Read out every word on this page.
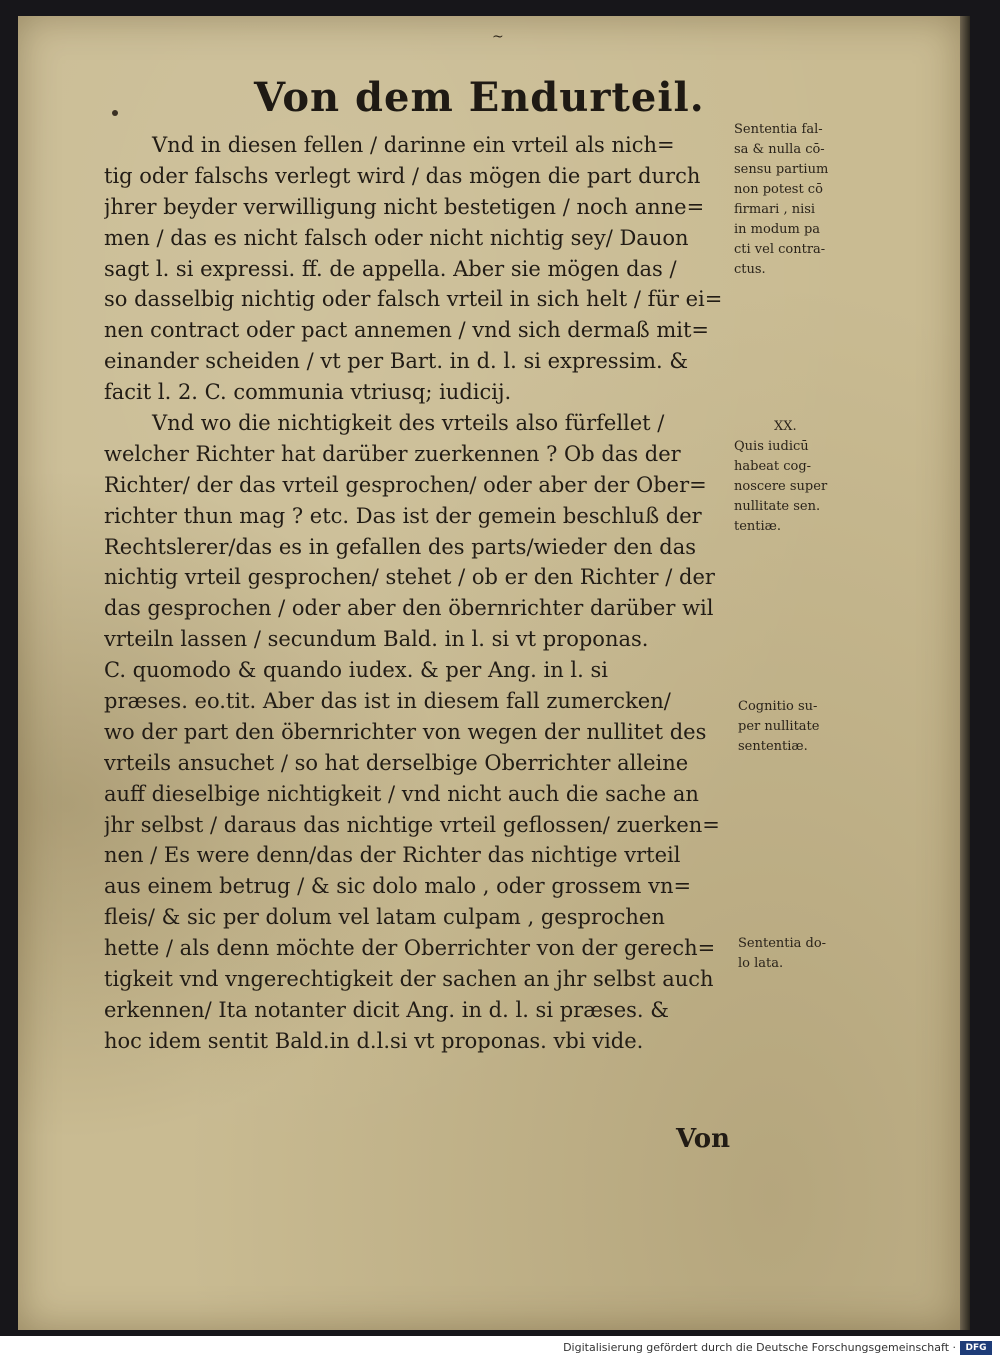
~
Von dem Endurteil.
Vnd in diesen fellen / darinne ein vrteil als nich=
tig oder falschs verlegt wird / das mögen die part durch
jhrer beyder verwilligung nicht bestetigen / noch anne=
men / das es nicht falsch oder nicht nichtig sey/ Dauon
sagt l. si expressi. ff. de appella. Aber sie mögen das /
so dasselbig nichtig oder falsch vrteil in sich helt / für ei=
nen contract oder pact annemen / vnd sich dermaß mit=
einander scheiden / vt per Bart. in d. l. si expressim. &
facit l. 2. C. communia vtriusq; iudicij.
Vnd wo die nichtigkeit des vrteils also fürfellet /
welcher Richter hat darüber zuerkennen ? Ob das der
Richter/ der das vrteil gesprochen/ oder aber der Ober=
richter thun mag ? etc. Das ist der gemein beschluß der
Rechtslerer/das es in gefallen des parts/wieder den das
nichtig vrteil gesprochen/ stehet / ob er den Richter / der
das gesprochen / oder aber den öbernrichter darüber wil
vrteiln lassen / secundum Bald. in l. si vt proponas.
C. quomodo & quando iudex. & per Ang. in l. si
præses. eo.tit. Aber das ist in diesem fall zumercken/
wo der part den öbernrichter von wegen der nullitet des
vrteils ansuchet / so hat derselbige Oberrichter alleine
auff dieselbige nichtigkeit / vnd nicht auch die sache an
jhr selbst / daraus das nichtige vrteil geflossen/ zuerken=
nen / Es were denn/das der Richter das nichtige vrteil
aus einem betrug / & sic dolo malo , oder grossem vn=
fleis/ & sic per dolum vel latam culpam , gesprochen
hette / als denn möchte der Oberrichter von der gerech=
tigkeit vnd vngerechtigkeit der sachen an jhr selbst auch
erkennen/ Ita notanter dicit Ang. in d. l. si præses. &
hoc idem sentit Bald.in d.l.si vt proponas. vbi vide.
Sententia fal-
sa & nulla cō-
sensu partium
non potest cō
firmari , nisi
in modum pa
cti vel contra-
ctus.
XX.
Quis iudicū
habeat cog-
noscere super
nullitate sen.
tentiæ.
Cognitio su-
per nullitate
sententiæ.
Sententia do-
lo lata.
Von
Digitalisierung gefördert durch die Deutsche Forschungsgemeinschaft ·	DFG
